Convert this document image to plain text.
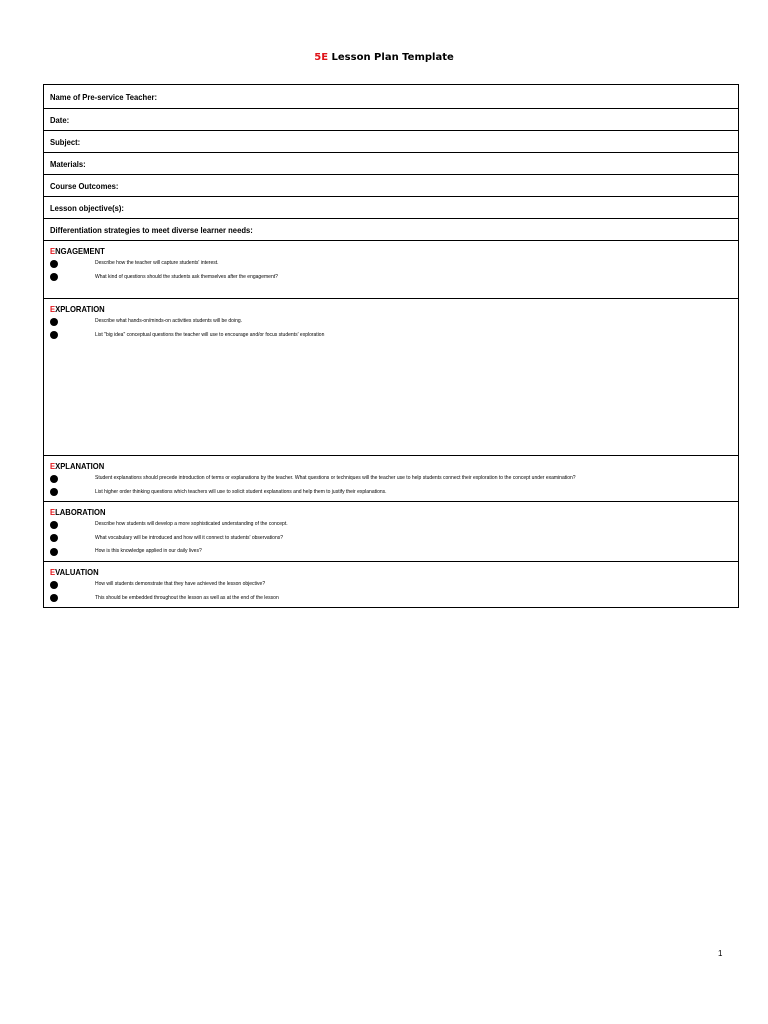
5E Lesson Plan Template
Name of Pre-service Teacher:
Date:
Subject:
Materials:
Course Outcomes:
Lesson objective(s):
Differentiation strategies to meet diverse learner needs:

ENGAGEMENT
Describe how the teacher will capture students' interest.
What kind of questions should the students ask themselves after the engagement?

EXPLORATION
Describe what hands-on/minds-on activities students will be doing.
List "big idea" conceptual questions the teacher will use to encourage and/or focus students' exploration

EXPLANATION
Student explanations should precede introduction of terms or explanations by the teacher. What questions or techniques will the teacher use to help students connect their exploration to the concept under examination?
List higher order thinking questions which teachers will use to solicit student explanations and help them to justify their explanations.

ELABORATION
Describe how students will develop a more sophisticated understanding of the concept.
What vocabulary will be introduced and how will it connect to students' observations?
How is this knowledge applied in our daily lives?

EVALUATION
How will students demonstrate that they have achieved the lesson objective?
This should be embedded throughout the lesson as well as at the end of the lesson
1
